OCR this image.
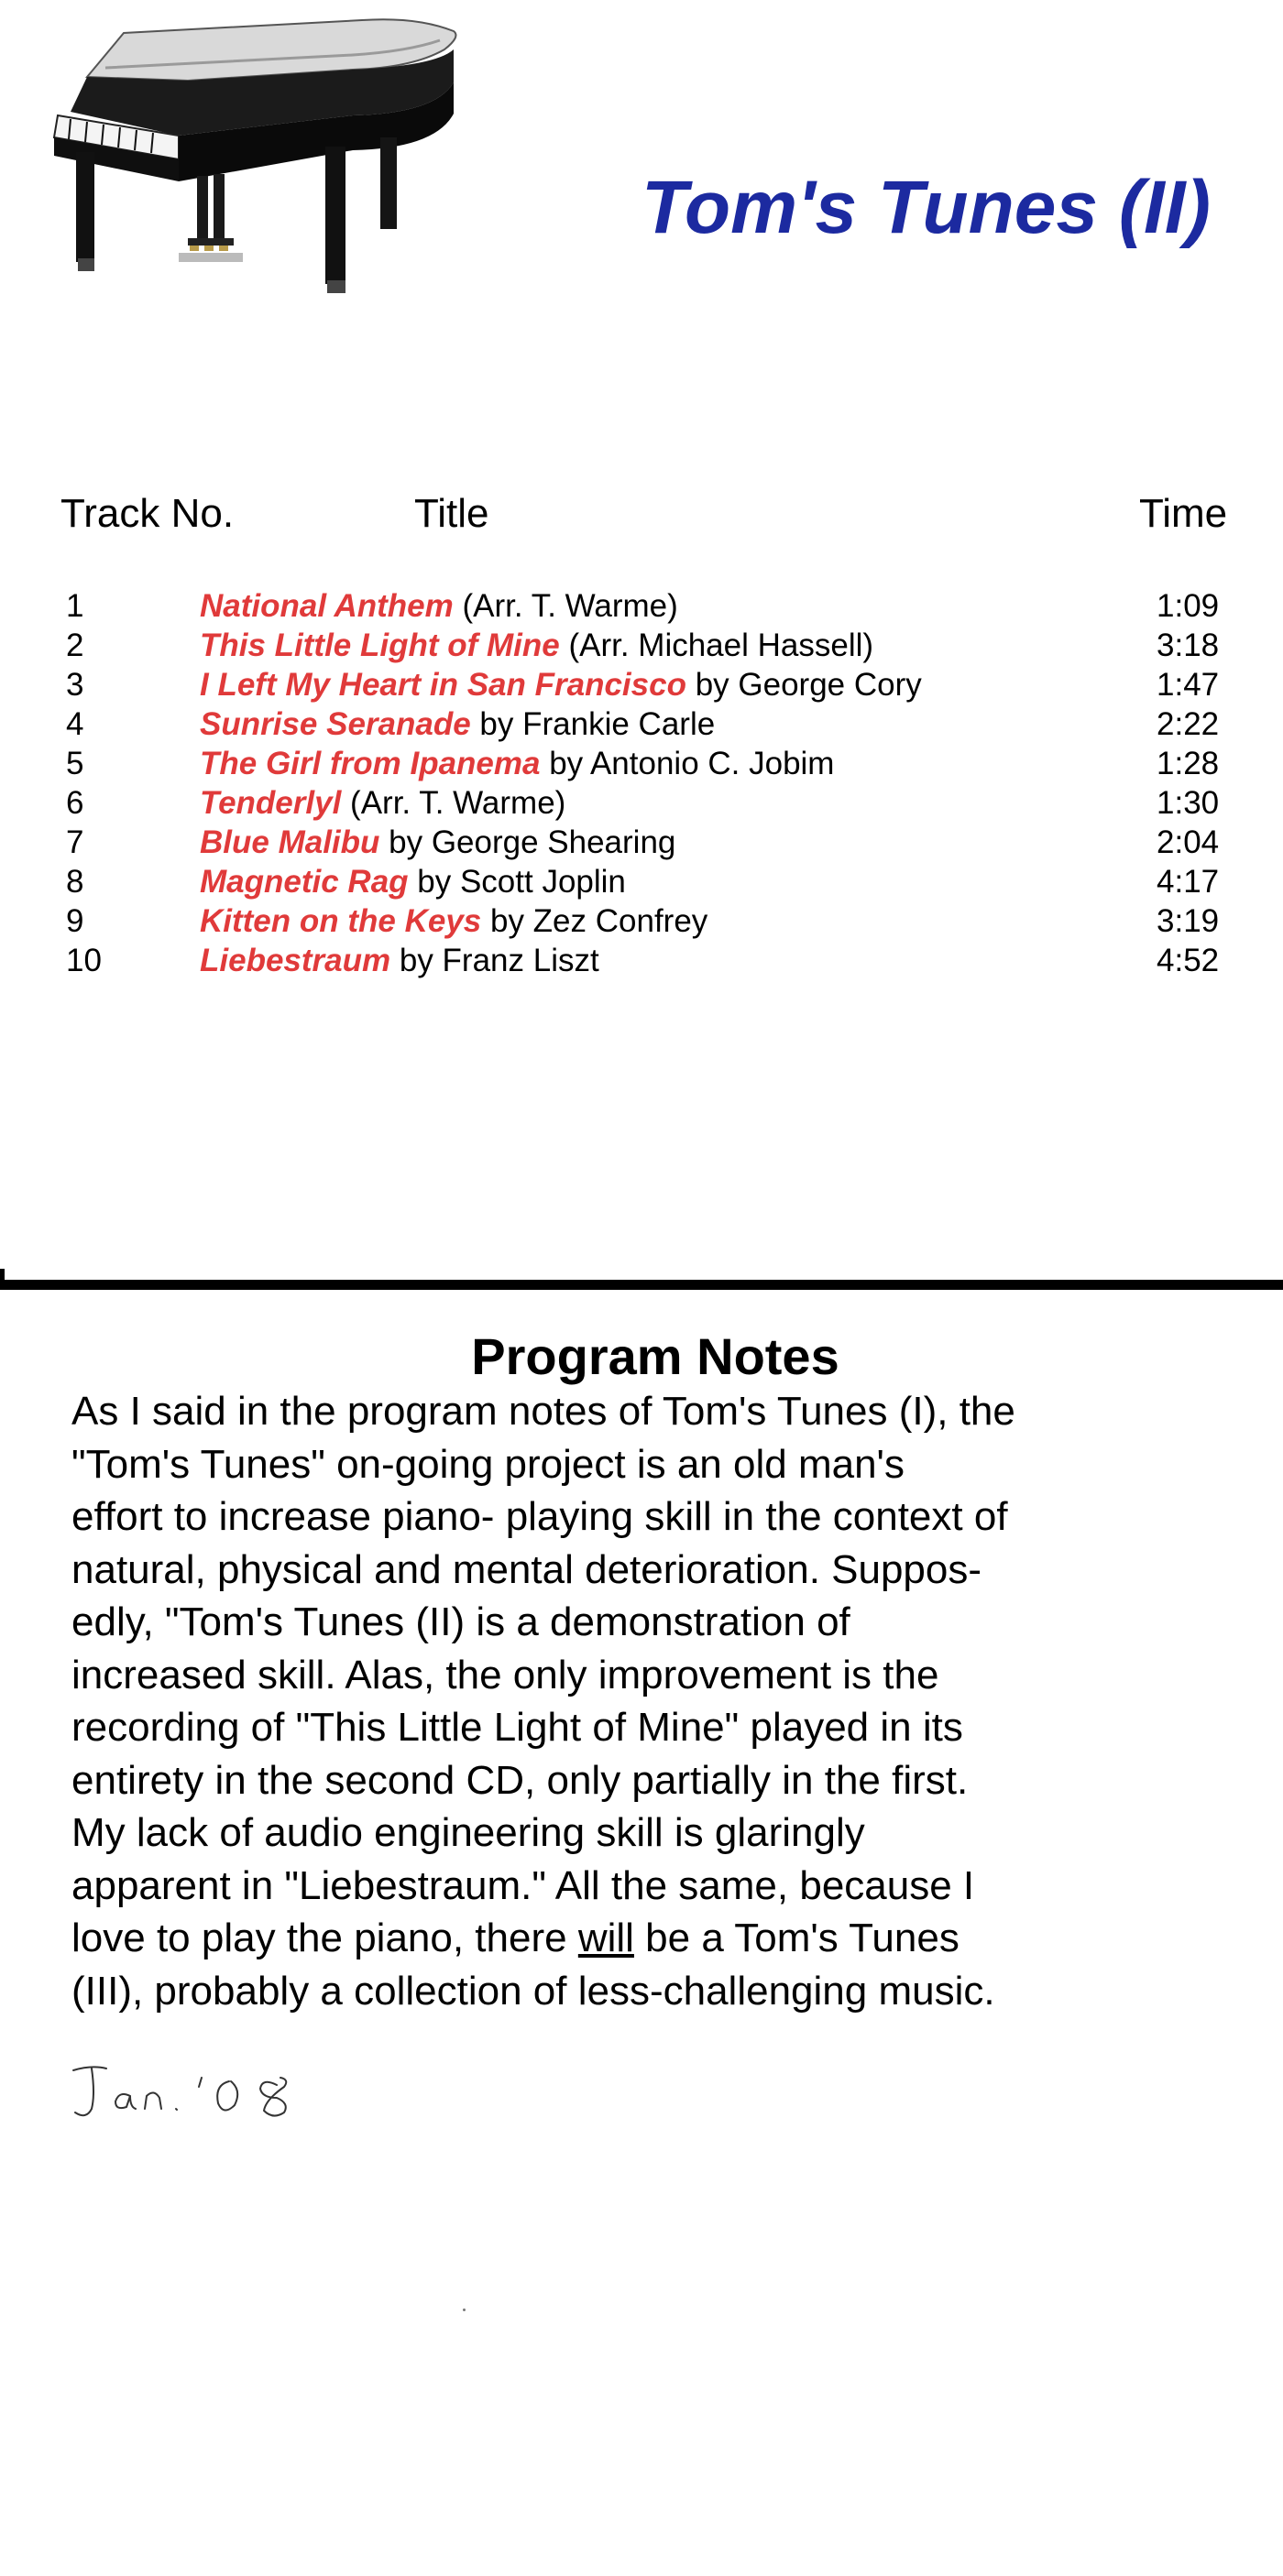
Tom's Tunes (II)
Track No.	Title	Time
1	National Anthem (Arr. T. Warme)	1:09
2	This Little Light of Mine (Arr. Michael Hassell)	3:18
3	I Left My Heart in San Francisco by George Cory	1:47
4	Sunrise Seranade by Frankie Carle	2:22
5	The Girl from Ipanema by Antonio C. Jobim	1:28
6	Tenderlyl (Arr. T. Warme)	1:30
7	Blue Malibu by George Shearing	2:04
8	Magnetic Rag by Scott Joplin	4:17
9	Kitten on the Keys by Zez Confrey	3:19
10	Liebestraum by Franz Liszt	4:52
Program Notes
As I said in the program notes of Tom's Tunes (I), the
"Tom's Tunes" on-going project is an old man's
effort to increase piano- playing skill in the context of
natural, physical and mental deterioration. Suppos-
edly, "Tom's Tunes (II) is a demonstration of
increased skill. Alas, the only improvement is the
recording of "This Little Light of Mine" played in its
entirety in the second CD, only partially in the first.
My lack of audio engineering skill is glaringly
apparent in "Liebestraum." All the same, because I
love to play the piano, there will be a Tom's Tunes
(III), probably a collection of less-challenging music.
